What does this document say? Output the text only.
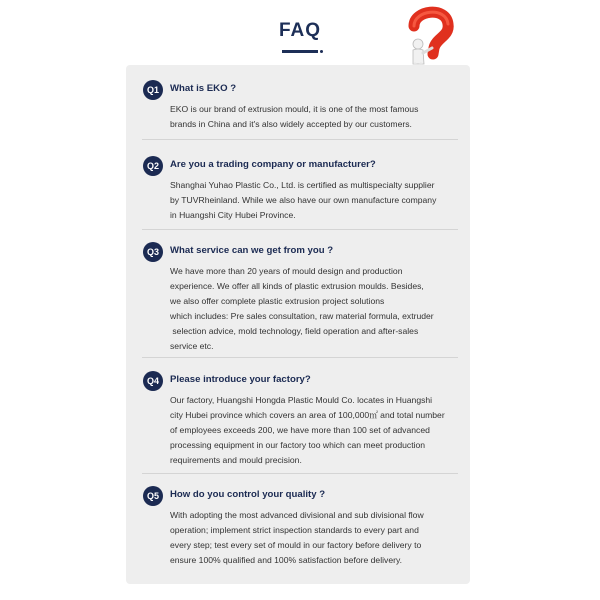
FAQ
Q1	What is EKO ?
EKO is our brand of extrusion mould, it is one of the most famous
brands in China and it's also widely accepted by our customers.
Q2	Are you a trading company or manufacturer?
Shanghai Yuhao Plastic Co., Ltd. is certified as multispecialty supplier
by TUVRheinland. While we also have our own manufacture company
in Huangshi City Hubei Province.
Q3	What service can we get from you ?
We have more than 20 years of mould design and production
experience. We offer all kinds of plastic extrusion moulds. Besides,
we also offer complete plastic extrusion project solutions
which includes: Pre sales consultation, raw material formula, extruder
selection advice, mold technology, field operation and after-sales
service etc.
Q4	Please introduce your factory?
Our factory, Huangshi Hongda Plastic Mould Co. locates in Huangshi
city Hubei province which covers an area of 100,000㎡ and total number
of employees exceeds 200, we have more than 100 set of advanced
processing equipment in our factory too which can meet production
requirements and mould precision.
Q5	How do you control your quality ?
With adopting the most advanced divisional and sub divisional flow
operation; implement strict inspection standards to every part and
every step; test every set of mould in our factory before delivery to
ensure 100% qualified and 100% satisfaction before delivery.
